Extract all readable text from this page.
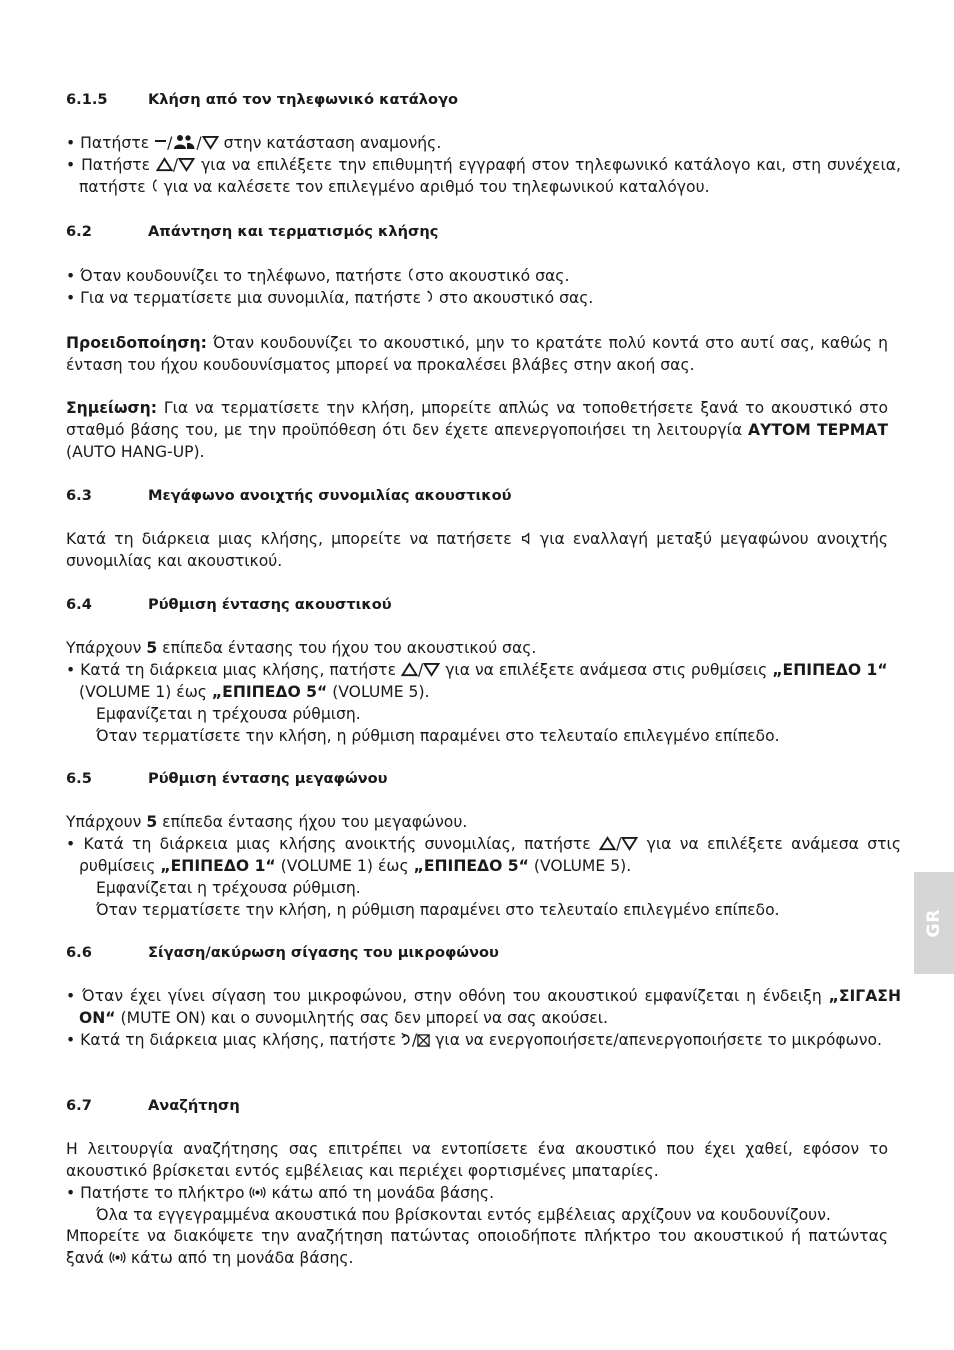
6.1.5	Κλήση από τον τηλεφωνικό κατάλογο
• Πατήστε / / στην κατάσταση αναμονής.
• Πατήστε / για να επιλέξετε την επιθυμητή εγγραφή στον τηλεφωνικό κατάλογο και, στη συνέχεια, πατήστε για να καλέσετε τον επιλεγμένο αριθμό του τηλεφωνικού καταλόγου.
6.2	Απάντηση και τερματισμός κλήσης
• Όταν κουδουνίζει το τηλέφωνο, πατήστε στο ακουστικό σας.
• Για να τερματίσετε μια συνομιλία, πατήστε στο ακουστικό σας.
Προειδοποίηση: Όταν κουδουνίζει το ακουστικό, μην το κρατάτε πολύ κοντά στο αυτί σας, καθώς η ένταση του ήχου κουδουνίσματος μπορεί να προκαλέσει βλάβες στην ακοή σας.
Σημείωση: Για να τερματίσετε την κλήση, μπορείτε απλώς να τοποθετήσετε ξανά το ακουστικό στο σταθμό βάσης του, με την προϋπόθεση ότι δεν έχετε απενεργοποιήσει τη λειτουργία ΑΥΤΟΜ ΤΕΡΜΑΤ (AUTO HANG-UP).
6.3	Μεγάφωνο ανοιχτής συνομιλίας ακουστικού
Κατά τη διάρκεια μιας κλήσης, μπορείτε να πατήσετε για εναλλαγή μεταξύ μεγαφώνου ανοιχτής συνομιλίας και ακουστικού.
6.4	Ρύθμιση έντασης ακουστικού
Υπάρχουν 5 επίπεδα έντασης του ήχου του ακουστικού σας.
• Κατά τη διάρκεια μιας κλήσης, πατήστε / για να επιλέξετε ανάμεσα στις ρυθμίσεις „ΕΠΙΠΕΔΟ 1“ (VOLUME 1) έως „ΕΠΙΠΕΔΟ 5“ (VOLUME 5).
Εμφανίζεται η τρέχουσα ρύθμιση.
Όταν τερματίσετε την κλήση, η ρύθμιση παραμένει στο τελευταίο επιλεγμένο επίπεδο.
6.5	Ρύθμιση έντασης μεγαφώνου
Υπάρχουν 5 επίπεδα έντασης ήχου του μεγαφώνου.
• Κατά τη διάρκεια μιας κλήσης ανοικτής συνομιλίας, πατήστε / για να επιλέξετε ανάμεσα στις ρυθμίσεις „ΕΠΙΠΕΔΟ 1“ (VOLUME 1) έως „ΕΠΙΠΕΔΟ 5“ (VOLUME 5).
Εμφανίζεται η τρέχουσα ρύθμιση.
Όταν τερματίσετε την κλήση, η ρύθμιση παραμένει στο τελευταίο επιλεγμένο επίπεδο.
6.6	Σίγαση/ακύρωση σίγασης του μικροφώνου
• Όταν έχει γίνει σίγαση του μικροφώνου, στην οθόνη του ακουστικού εμφανίζεται η ένδειξη „ΣΙΓΑΣΗ ΟΝ“ (MUTE ON) και ο συνομιλητής σας δεν μπορεί να σας ακούσει.
• Κατά τη διάρκεια μιας κλήσης, πατήστε / για να ενεργοποιήσετε/απενεργοποιήσετε το μικρόφωνο.
6.7	Αναζήτηση
Η λειτουργία αναζήτησης σας επιτρέπει να εντοπίσετε ένα ακουστικό που έχει χαθεί, εφόσον το ακουστικό βρίσκεται εντός εμβέλειας και περιέχει φορτισμένες μπαταρίες.
• Πατήστε το πλήκτρο κάτω από τη μονάδα βάσης.
Όλα τα εγγεγραμμένα ακουστικά που βρίσκονται εντός εμβέλειας αρχίζουν να κουδουνίζουν.
Μπορείτε να διακόψετε την αναζήτηση πατώντας οποιοδήποτε πλήκτρο του ακουστικού ή πατώντας ξανά κάτω από τη μονάδα βάσης.
GR
